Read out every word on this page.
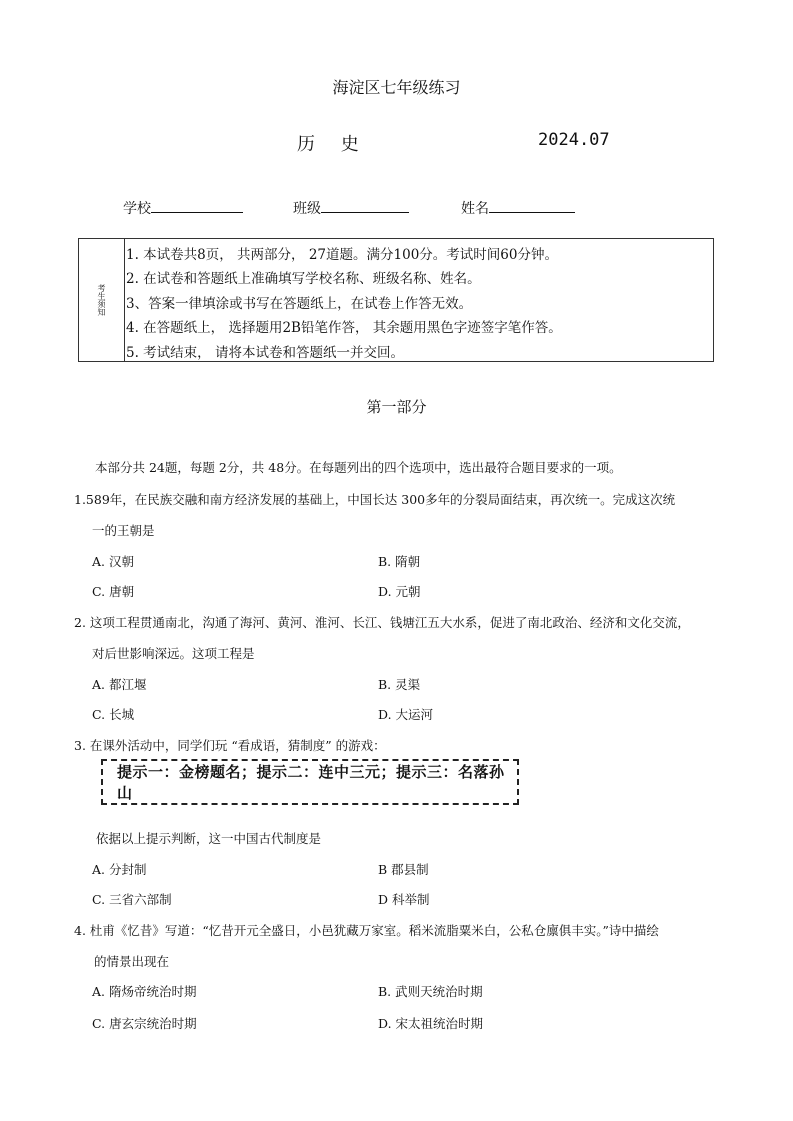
海淀区七年级练习
历 史	2024.07
学校	班级	姓名
考生须知
1. 本试卷共8页， 共两部分， 27道题。满分100分。考试时间60分钟。
2. 在试卷和答题纸上准确填写学校名称、班级名称、姓名。
3、答案一律填涂或书写在答题纸上，在试卷上作答无效。
4. 在答题纸上， 选择题用2B铅笔作答， 其余题用黑色字迹签字笔作答。
5. 考试结束， 请将本试卷和答题纸一并交回。
第一部分
本部分共 24题，每题 2分，共 48分。在每题列出的四个选项中，选出最符合题目要求的一项。
1.589年，在民族交融和南方经济发展的基础上，中国长达 300多年的分裂局面结束，再次统一。完成这次统
一的王朝是
A. 汉朝	B. 隋朝
C. 唐朝	D. 元朝
2. 这项工程贯通南北，沟通了海河、黄河、淮河、长江、钱塘江五大水系，促进了南北政治、经济和文化交流，
对后世影响深远。这项工程是
A. 都江堰	B. 灵渠
C. 长城	D. 大运河
3. 在课外活动中，同学们玩 “看成语，猜制度” 的游戏：
提示一：金榜题名；提示二：连中三元；提示三：名落孙山
依据以上提示判断，这一中国古代制度是
A. 分封制	B 郡县制
C. 三省六部制	D 科举制
4. 杜甫《忆昔》写道：“忆昔开元全盛日，小邑犹藏万家室。稻米流脂粟米白，公私仓廪俱丰实。”诗中描绘
的情景出现在
A. 隋炀帝统治时期	B. 武则天统治时期
C. 唐玄宗统治时期	D. 宋太祖统治时期
